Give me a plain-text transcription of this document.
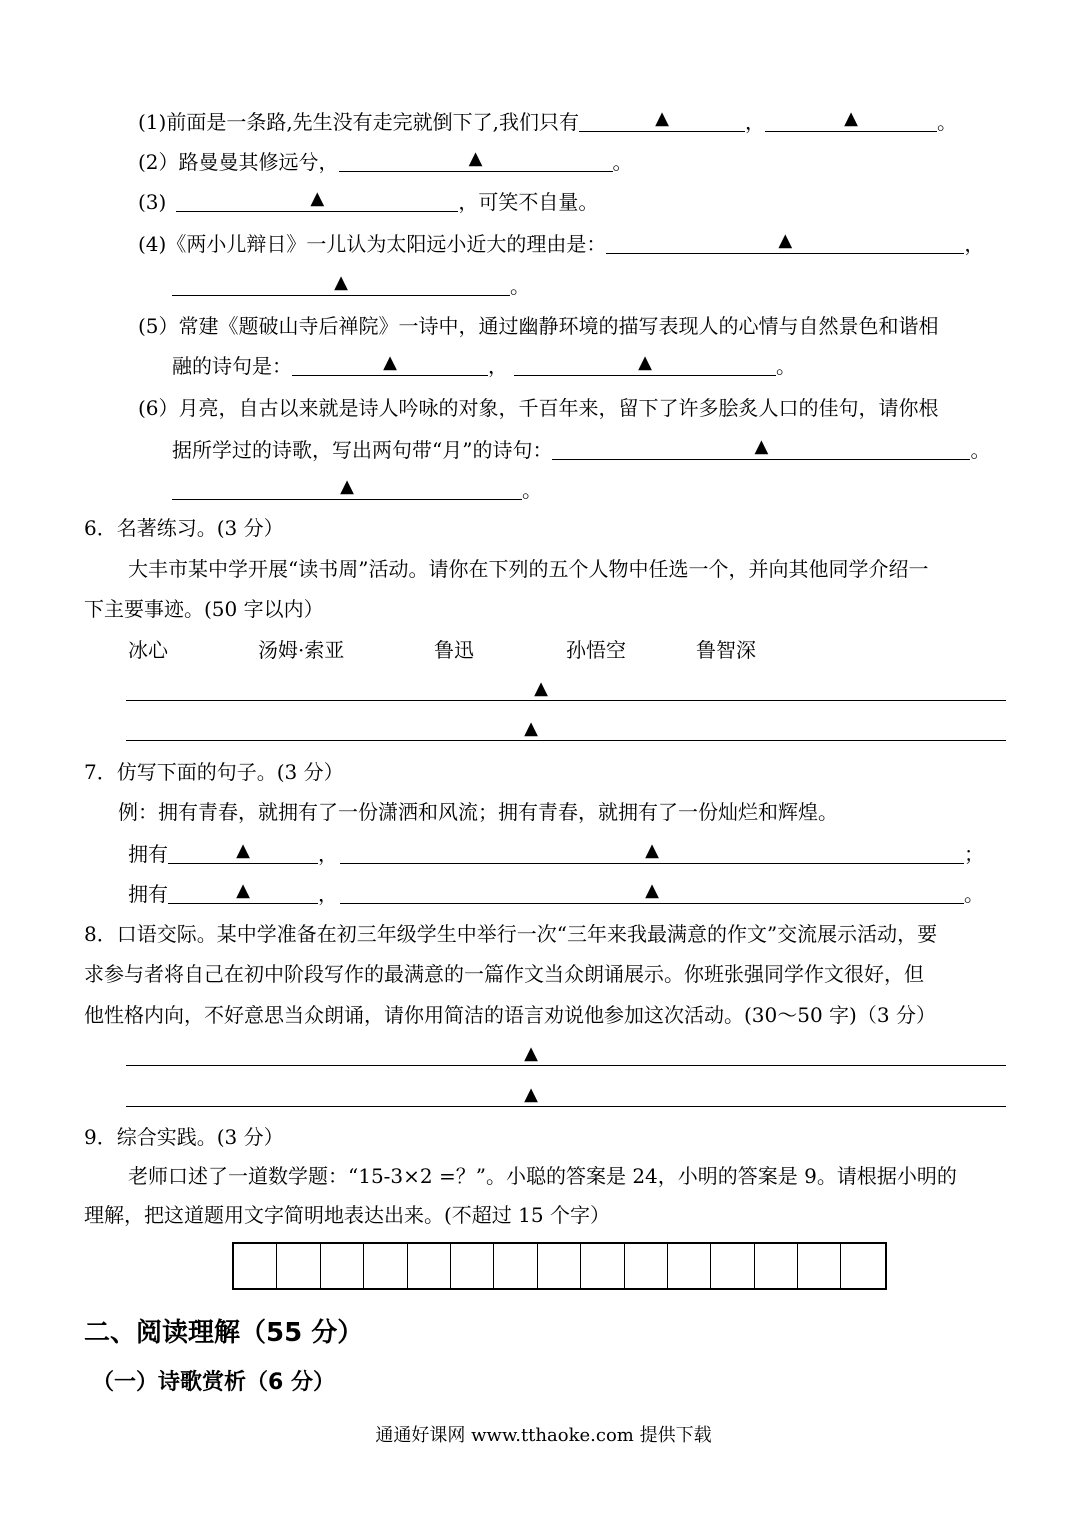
(1)前面是一条路,先生没有走完就倒下了,我们只有	▲	，	▲	。
(2）路曼曼其修远兮，	▲	。
(3)	▲	，可笑不自量。
(4)《两小儿辩日》一儿认为太阳远小近大的理由是：	▲	，
▲	。
(5）常建《题破山寺后禅院》一诗中，通过幽静环境的描写表现人的心情与自然景色和谐相
融的诗句是：	▲	，	▲	。
(6）月亮，自古以来就是诗人吟咏的对象，千百年来，留下了许多脍炙人口的佳句，请你根
据所学过的诗歌，写出两句带“月”的诗句：	▲	。
▲	。
6．名著练习。(3 分）
大丰市某中学开展“读书周”活动。请你在下列的五个人物中任选一个，并向其他同学介绍一
下主要事迹。(50 字以内）
冰心	汤姆·索亚	鲁迅	孙悟空	鲁智深
▲
▲
7．仿写下面的句子。(3 分）
例：拥有青春，就拥有了一份潇洒和风流；拥有青春，就拥有了一份灿烂和辉煌。
拥有	▲	，	▲	；
拥有	▲	，	▲	。
8．口语交际。某中学准备在初三年级学生中举行一次“三年来我最满意的作文”交流展示活动，要
求参与者将自己在初中阶段写作的最满意的一篇作文当众朗诵展示。你班张强同学作文很好，但
他性格内向，不好意思当众朗诵，请你用简洁的语言劝说他参加这次活动。(30～50 字)（3 分）
▲
▲
9．综合实践。(3 分）
老师口述了一道数学题：“15-3×2 =？”。小聪的答案是 24，小明的答案是 9。请根据小明的
理解，把这道题用文字简明地表达出来。(不超过 15 个字）
二、阅读理解（55 分）
（一）诗歌赏析（6 分）
通通好课网 www.tthaoke.com 提供下载
